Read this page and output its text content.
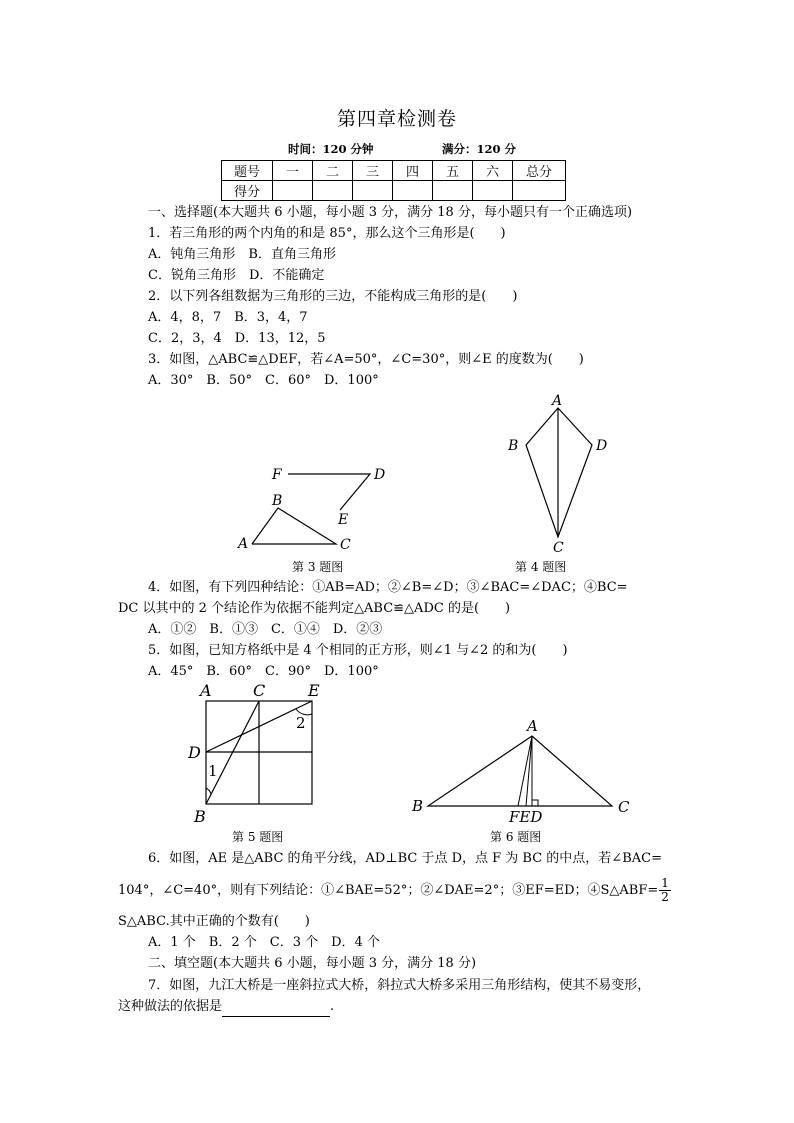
第四章检测卷
时间：120 分钟	满分：120 分
题号	一	二	三	四	五	六	总分
得分							
一、选择题(本大题共 6 小题，每小题 3 分，满分 18 分，每小题只有一个正确选项)
1．若三角形的两个内角的和是 85°，那么这个三角形是( )
A．钝角三角形　B．直角三角形
C．锐角三角形　D．不能确定
2．以下列各组数据为三角形的三边，不能构成三角形的是( )
A．4，8，7　B．3，4，7
C．2，3，4　D．13，12，5
3．如图，△ABC≌△DEF，若∠A=50°，∠C=30°，则∠E 的度数为( )
A．30°　B．50°　C．60°　D．100°
F	D
B
E
A	C
第 3 题图
A
B	D
C
第 4 题图
4．如图，有下列四种结论：①AB=AD；②∠B=∠D；③∠BAC=∠DAC；④BC=
DC 以其中的 2 个结论作为依据不能判定△ABC≌△ADC 的是( )
A．①②　B．①③　C．①④　D．②③
5．如图，已知方格纸中是 4 个相同的正方形，则∠1 与∠2 的和为( )
A．45°　B．60°　C．90°　D．100°
A	C	E
D
B
1
2
第 5 题图
A
B	C
FED
第 6 题图
6．如图，AE 是△ABC 的角平分线，AD⊥BC 于点 D，点 F 为 BC 的中点，若∠BAC=
104°，∠C=40°，则有下列结论：①∠BAE=52°；②∠DAE=2°；③EF=ED；④S△ABF= $\frac{1}{2}$
S△ABC.其中正确的个数有( )
A．1 个　B．2 个　C．3 个　D．4 个
二、填空题(本大题共 6 小题，每小题 3 分，满分 18 分)
7．如图，九江大桥是一座斜拉式大桥，斜拉式大桥多采用三角形结构，使其不易变形，
这种做法的依据是	.
